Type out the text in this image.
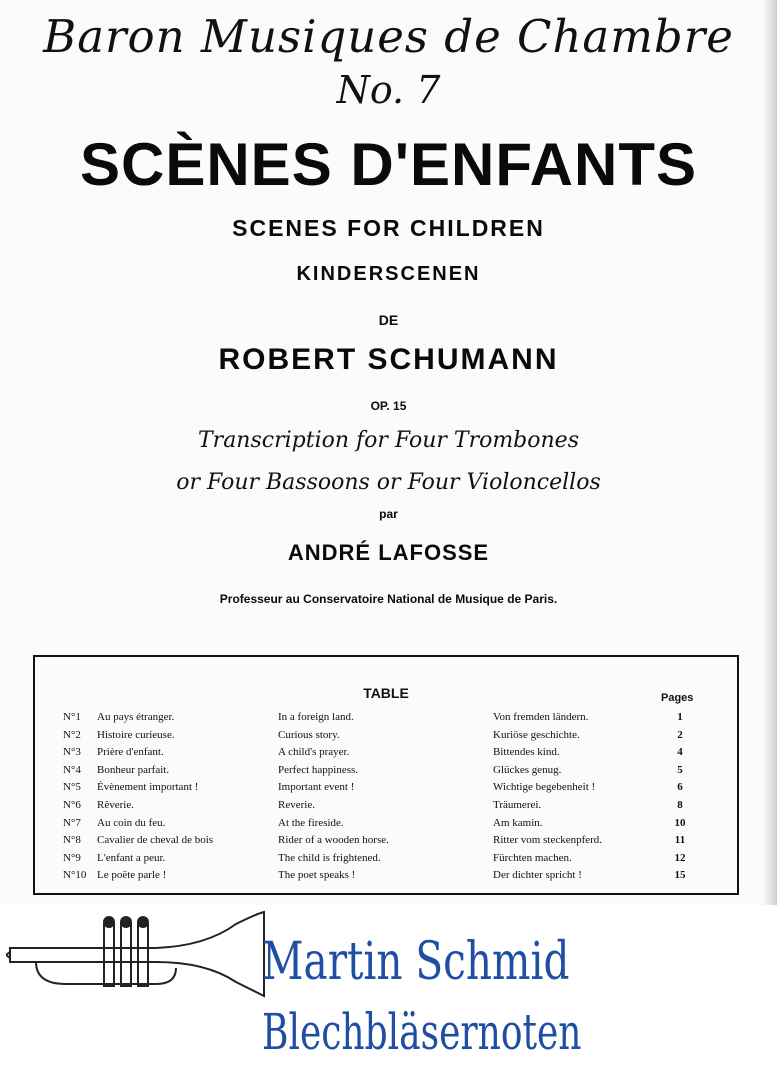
Baron Musiques de Chambre
No. 7
SCÈNES D'ENFANTS
SCENES FOR CHILDREN
KINDERSCENEN
DE
ROBERT SCHUMANN
OP. 15
Transcription for Four Trombones
or Four Bassoons or Four Violoncellos
par
ANDRÉ LAFOSSE
Professeur au Conservatoire National de Musique de Paris.
TABLE	Pages
N°1	Au pays étranger.	In a foreign land.	Von fremden ländern.	1
N°2	Histoire curieuse.	Curious story.	Kuriöse geschichte.	2
N°3	Prière d'enfant.	A child's prayer.	Bittendes kind.	4
N°4	Bonheur parfait.	Perfect happiness.	Glückes genug.	5
N°5	Évènement important !	Important event !	Wichtige begebenheit !	6
N°6	Rêverie.	Reverie.	Träumerei.	8
N°7	Au coin du feu.	At the fireside.	Am kamin.	10
N°8	Cavalier de cheval de bois	Rider of a wooden horse.	Ritter vom steckenpferd.	11
N°9	L'enfant a peur.	The child is frightened.	Fürchten machen.	12
N°10 Le poëte parle !	The poet speaks !	Der dichter spricht !	15
Martin Schmid
Blechbläsernoten
